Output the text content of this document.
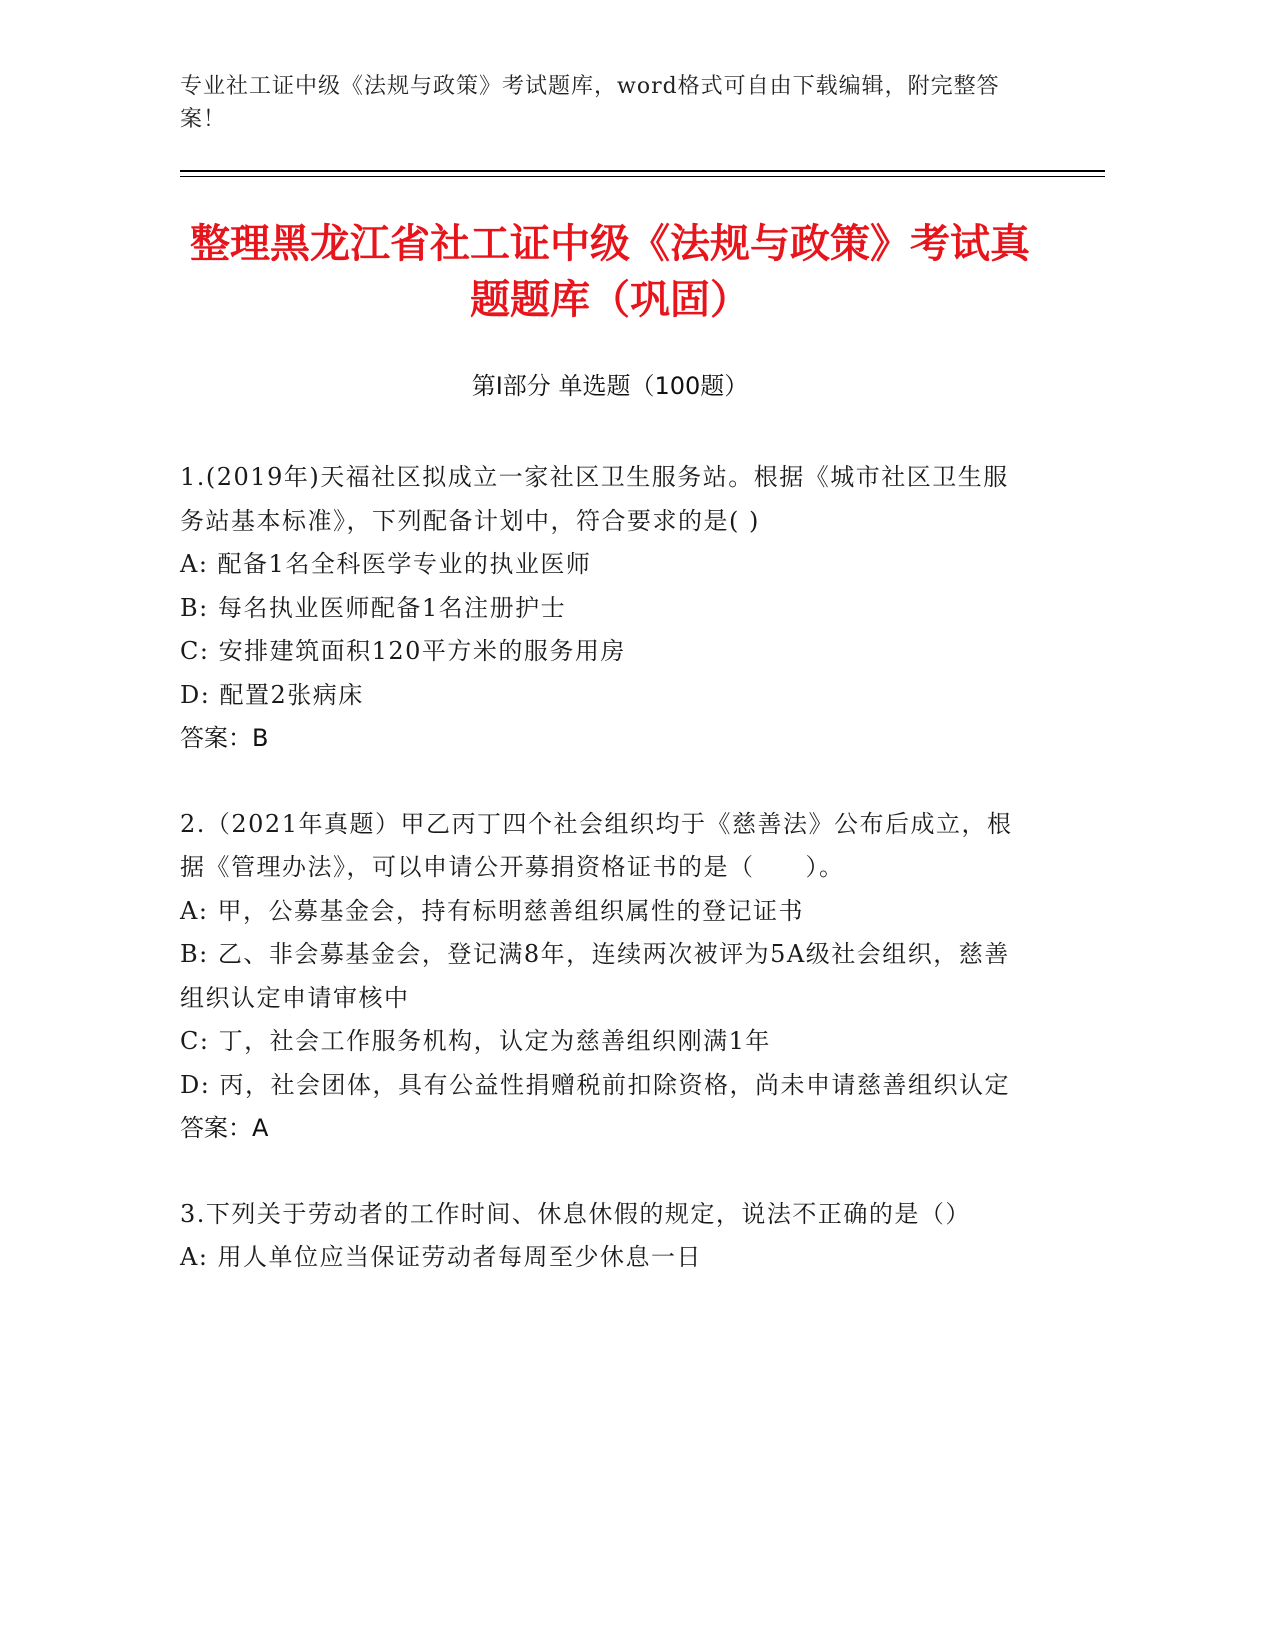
专业社工证中级《法规与政策》考试题库，word格式可自由下载编辑，附完整答案！
整理黑龙江省社工证中级《法规与政策》考试真题题库（巩固）
第Ⅰ部分 单选题（100题）
1.(2019年)天福社区拟成立一家社区卫生服务站。根据《城市社区卫生服务站基本标准》，下列配备计划中，符合要求的是( )
A: 配备1名全科医学专业的执业医师
B: 每名执业医师配备1名注册护士
C: 安排建筑面积120平方米的服务用房
D: 配置2张病床
答案：B
2.（2021年真题）甲乙丙丁四个社会组织均于《慈善法》公布后成立，根据《管理办法》，可以申请公开募捐资格证书的是（　　）。
A: 甲，公募基金会，持有标明慈善组织属性的登记证书
B: 乙、非会募基金会，登记满8年，连续两次被评为5A级社会组织，慈善组织认定申请审核中
C: 丁，社会工作服务机构，认定为慈善组织刚满1年
D: 丙，社会团体，具有公益性捐赠税前扣除资格，尚未申请慈善组织认定
答案：A
3.下列关于劳动者的工作时间、休息休假的规定，说法不正确的是（）
A: 用人单位应当保证劳动者每周至少休息一日
